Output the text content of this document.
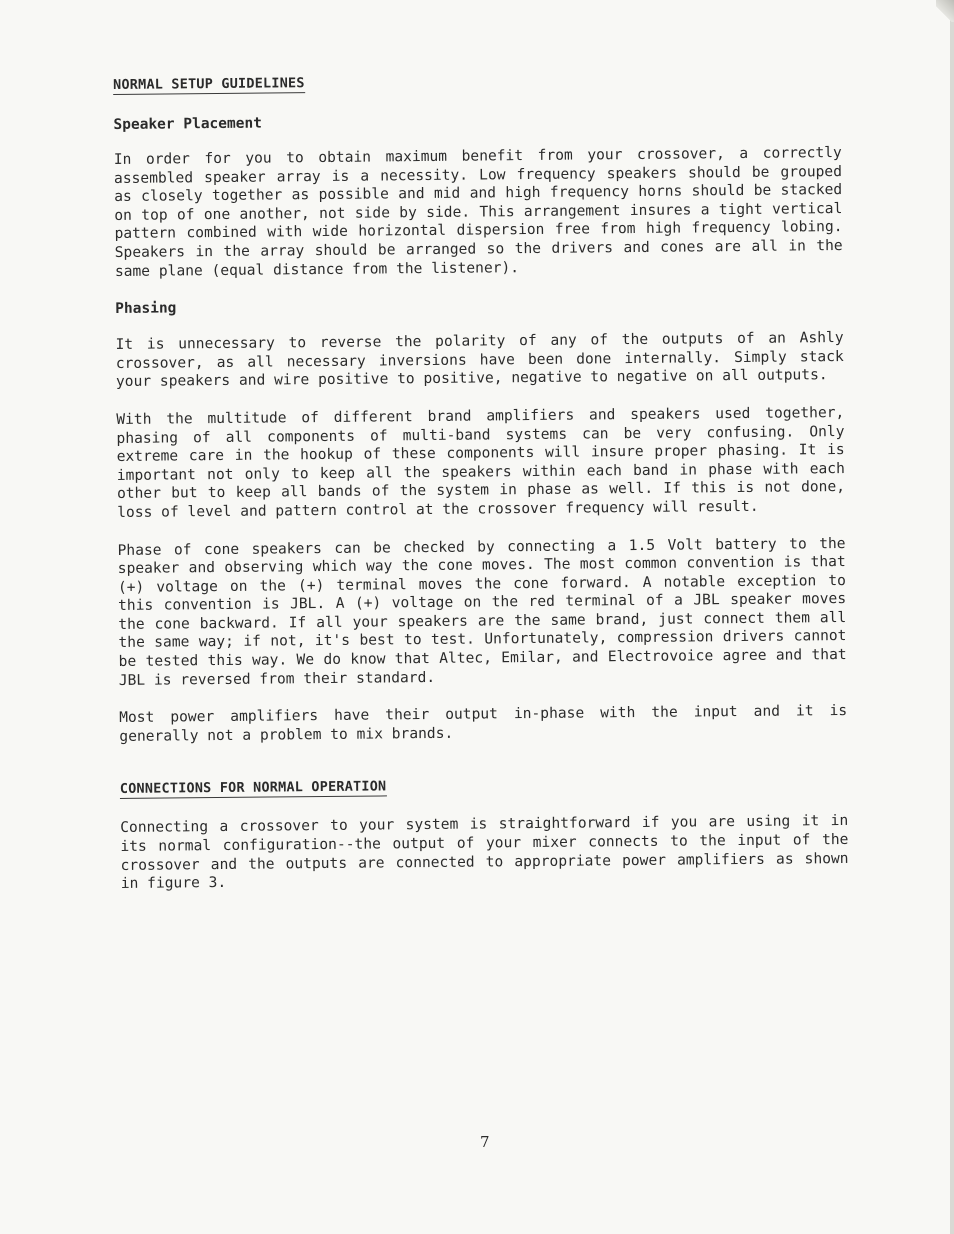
NORMAL SETUP GUIDELINES
Speaker Placement

In order for you to obtain maximum benefit from your crossover, a correctly assembled speaker array is a necessity. Low frequency speakers should be grouped as closely together as possible and mid and high frequency horns should be stacked on top of one another, not side by side. This arrangement insures a tight vertical pattern combined with wide horizontal dispersion free from high frequency lobing. Speakers in the array should be arranged so the drivers and cones are all in the same plane (equal distance from the listener).

Phasing

It is unnecessary to reverse the polarity of any of the outputs of an Ashly crossover, as all necessary inversions have been done internally. Simply stack your speakers and wire positive to positive, negative to negative on all outputs.

With the multitude of different brand amplifiers and speakers used together, phasing of all components of multi-band systems can be very confusing. Only extreme care in the hookup of these components will insure proper phasing. It is important not only to keep all the speakers within each band in phase with each other but to keep all bands of the system in phase as well. If this is not done, loss of level and pattern control at the crossover frequency will result.

Phase of cone speakers can be checked by connecting a 1.5 Volt battery to the speaker and observing which way the cone moves. The most common convention is that (+) voltage on the (+) terminal moves the cone forward. A notable exception to this convention is JBL. A (+) voltage on the red terminal of a JBL speaker moves the cone backward. If all your speakers are the same brand, just connect them all the same way; if not, it's best to test. Unfortunately, compression drivers cannot be tested this way. We do know that Altec, Emilar, and Electrovoice agree and that JBL is reversed from their standard.

Most power amplifiers have their output in-phase with the input and it is generally not a problem to mix brands.

CONNECTIONS FOR NORMAL OPERATION

Connecting a crossover to your system is straightforward if you are using it in its normal configuration--the output of your mixer connects to the input of the crossover and the outputs are connected to appropriate power amplifiers as shown in figure 3.

7
